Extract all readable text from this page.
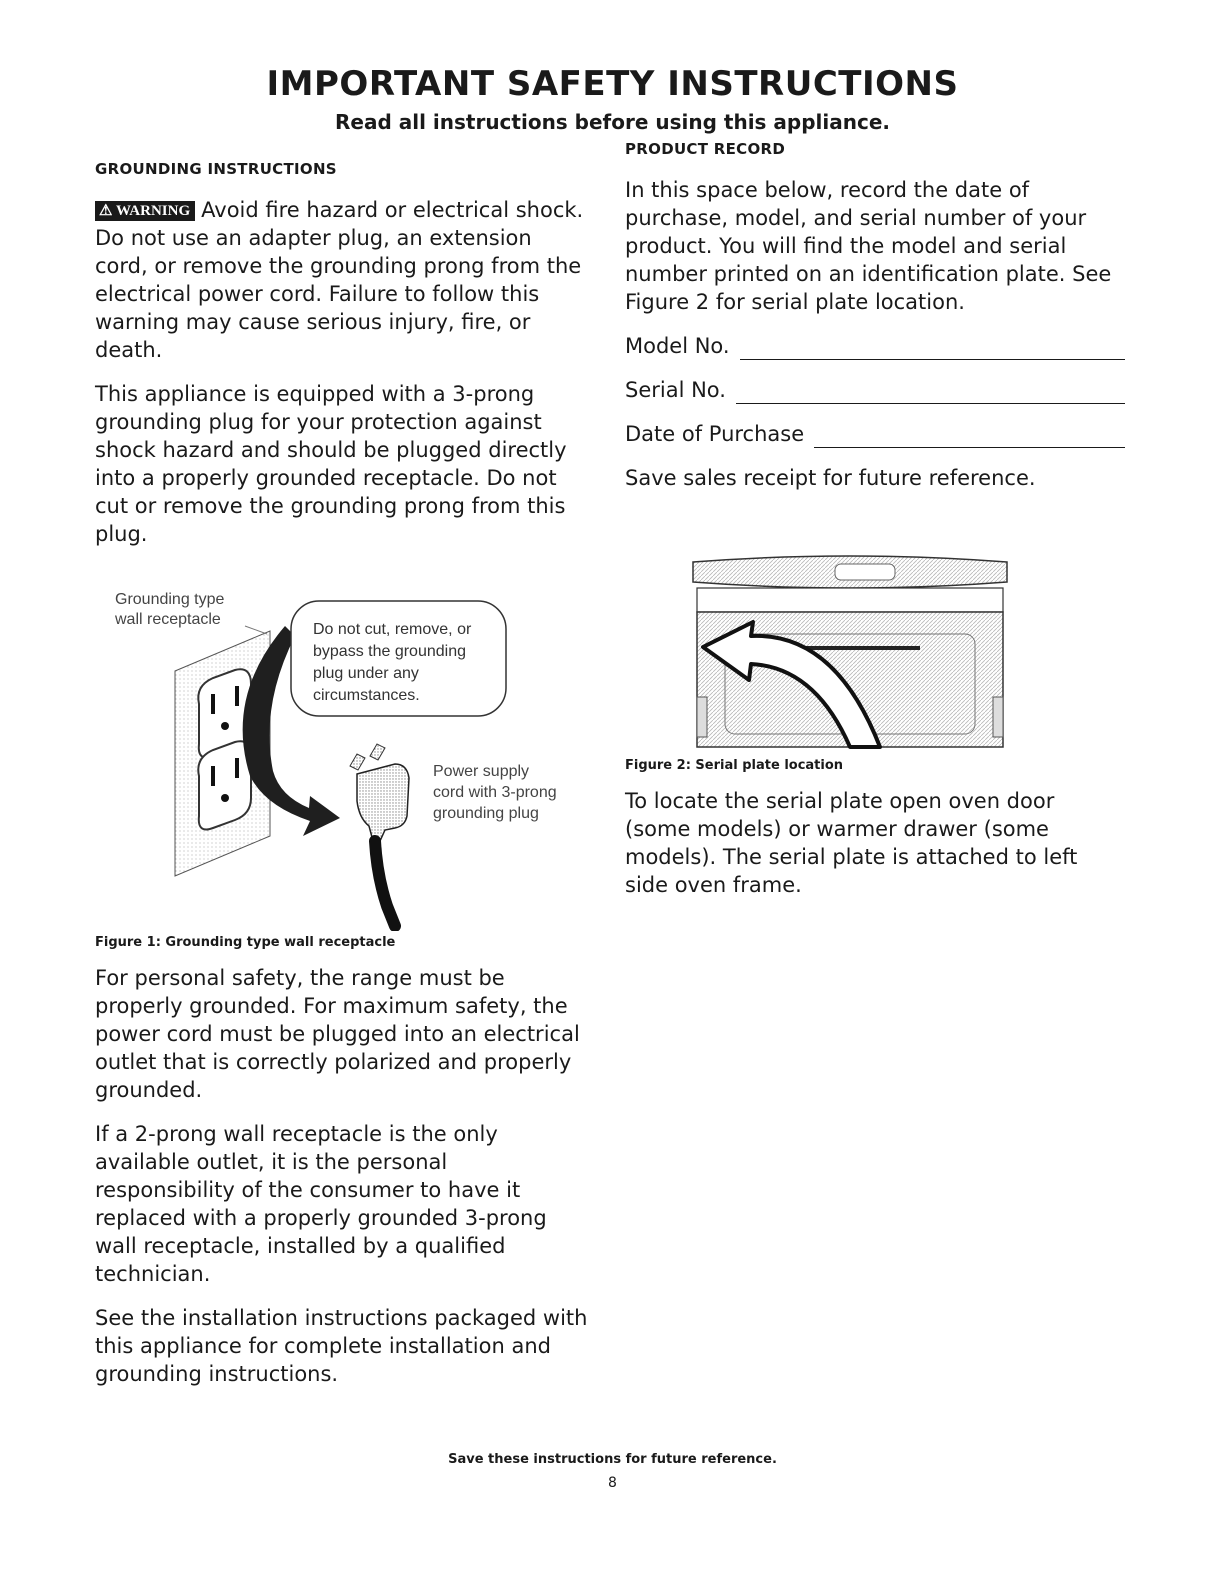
IMPORTANT SAFETY INSTRUCTIONS
Read all instructions before using this appliance.
GROUNDING INSTRUCTIONS

⚠ WARNING Avoid fire hazard or electrical shock. Do not use an adapter plug, an extension cord, or remove the grounding prong from the electrical power cord. Failure to follow this warning may cause serious injury, fire, or death.

This appliance is equipped with a 3-prong grounding plug for your protection against shock hazard and should be plugged directly into a properly grounded receptacle. Do not cut or remove the grounding prong from this plug.

Do not cut, remove, or
bypass the grounding
plug under any
circumstances.
Grounding type
wall receptacle
Power supply
cord with 3-prong
grounding plug
Figure 1: Grounding type wall receptacle

For personal safety, the range must be properly grounded. For maximum safety, the power cord must be plugged into an electrical outlet that is correctly polarized and properly grounded.

If a 2-prong wall receptacle is the only available outlet, it is the personal responsibility of the consumer to have it replaced with a properly grounded 3-prong wall receptacle, installed by a qualified technician.

See the installation instructions packaged with this appliance for complete installation and grounding instructions.

PRODUCT RECORD

In this space below, record the date of purchase, model, and serial number of your product. You will find the model and serial number printed on an identification plate. See Figure 2 for serial plate location.

Model No.
Serial No.
Date of Purchase

Save sales receipt for future reference.

Figure 2: Serial plate location

To locate the serial plate open oven door (some models) or warmer drawer (some models). The serial plate is attached to left side oven frame.

Save these instructions for future reference.
8
